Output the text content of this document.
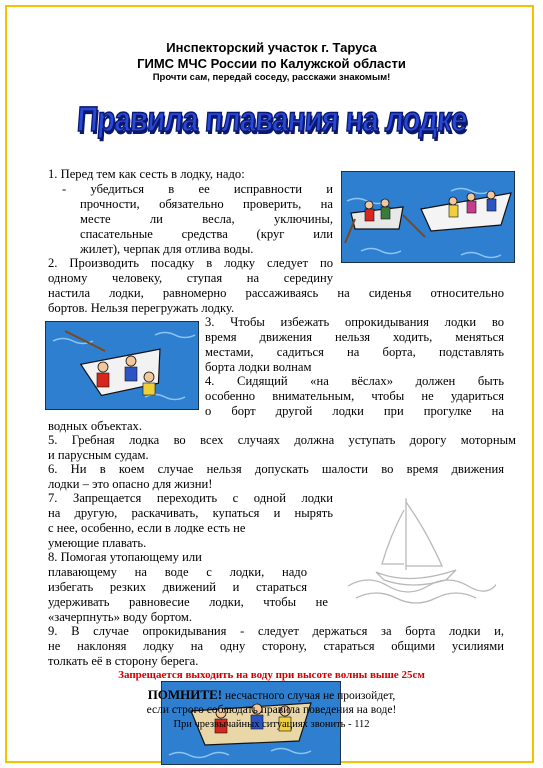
Инспекторский участок г. Таруса
ГИМС МЧС России по Калужской области
Прочти сам, передай соседу, расскажи знакомым!
Правила плавания на лодке
1. Перед тем как сесть в лодку, надо:
- убедиться в ее исправности и
прочности, обязательно проверить, на
месте ли весла, уключины,
спасательные средства (круг или
жилет), черпак для отлива воды.
2. Производить посадку в лодку следует по
одному человеку, ступая на середину
настила лодки, равномерно рассаживаясь на сиденья относительно
бортов. Нельзя перегружать лодку.
3. Чтобы избежать опрокидывания лодки во
время движения нельзя ходить, меняться
местами, садиться на борта, подставлять
борта лодки волнам
4. Сидящий «на вёслах» должен быть
особенно внимательным, чтобы не удариться
о борт другой лодки при прогулке на
водных объектах.
5. Гребная лодка во всех случаях должна уступать дорогу моторным
и парусным судам.
6. Ни в коем случае нельзя допускать шалости во время движения
лодки – это опасно для жизни!
7. Запрещается переходить с одной лодки
на другую, раскачивать, купаться и нырять
с нее, особенно, если в лодке есть не
умеющие плавать.
8. Помогая утопающему или
плавающему на воде с лодки, надо
избегать резких движений и стараться
удерживать равновесие лодки, чтобы не
«зачерпнуть» воду бортом.
9. В случае опрокидывания - следует держаться за борта лодки и,
не наклоняя лодку на одну сторону, стараться общими усилиями
толкать её в сторону берега.
Запрещается выходить на воду при высоте волны выше 25см
ПОМНИТЕ! несчастного случая не произойдет,
если строго соблюдать правила поведения на воде!
При чрезвычайных ситуациях звонить - 112
